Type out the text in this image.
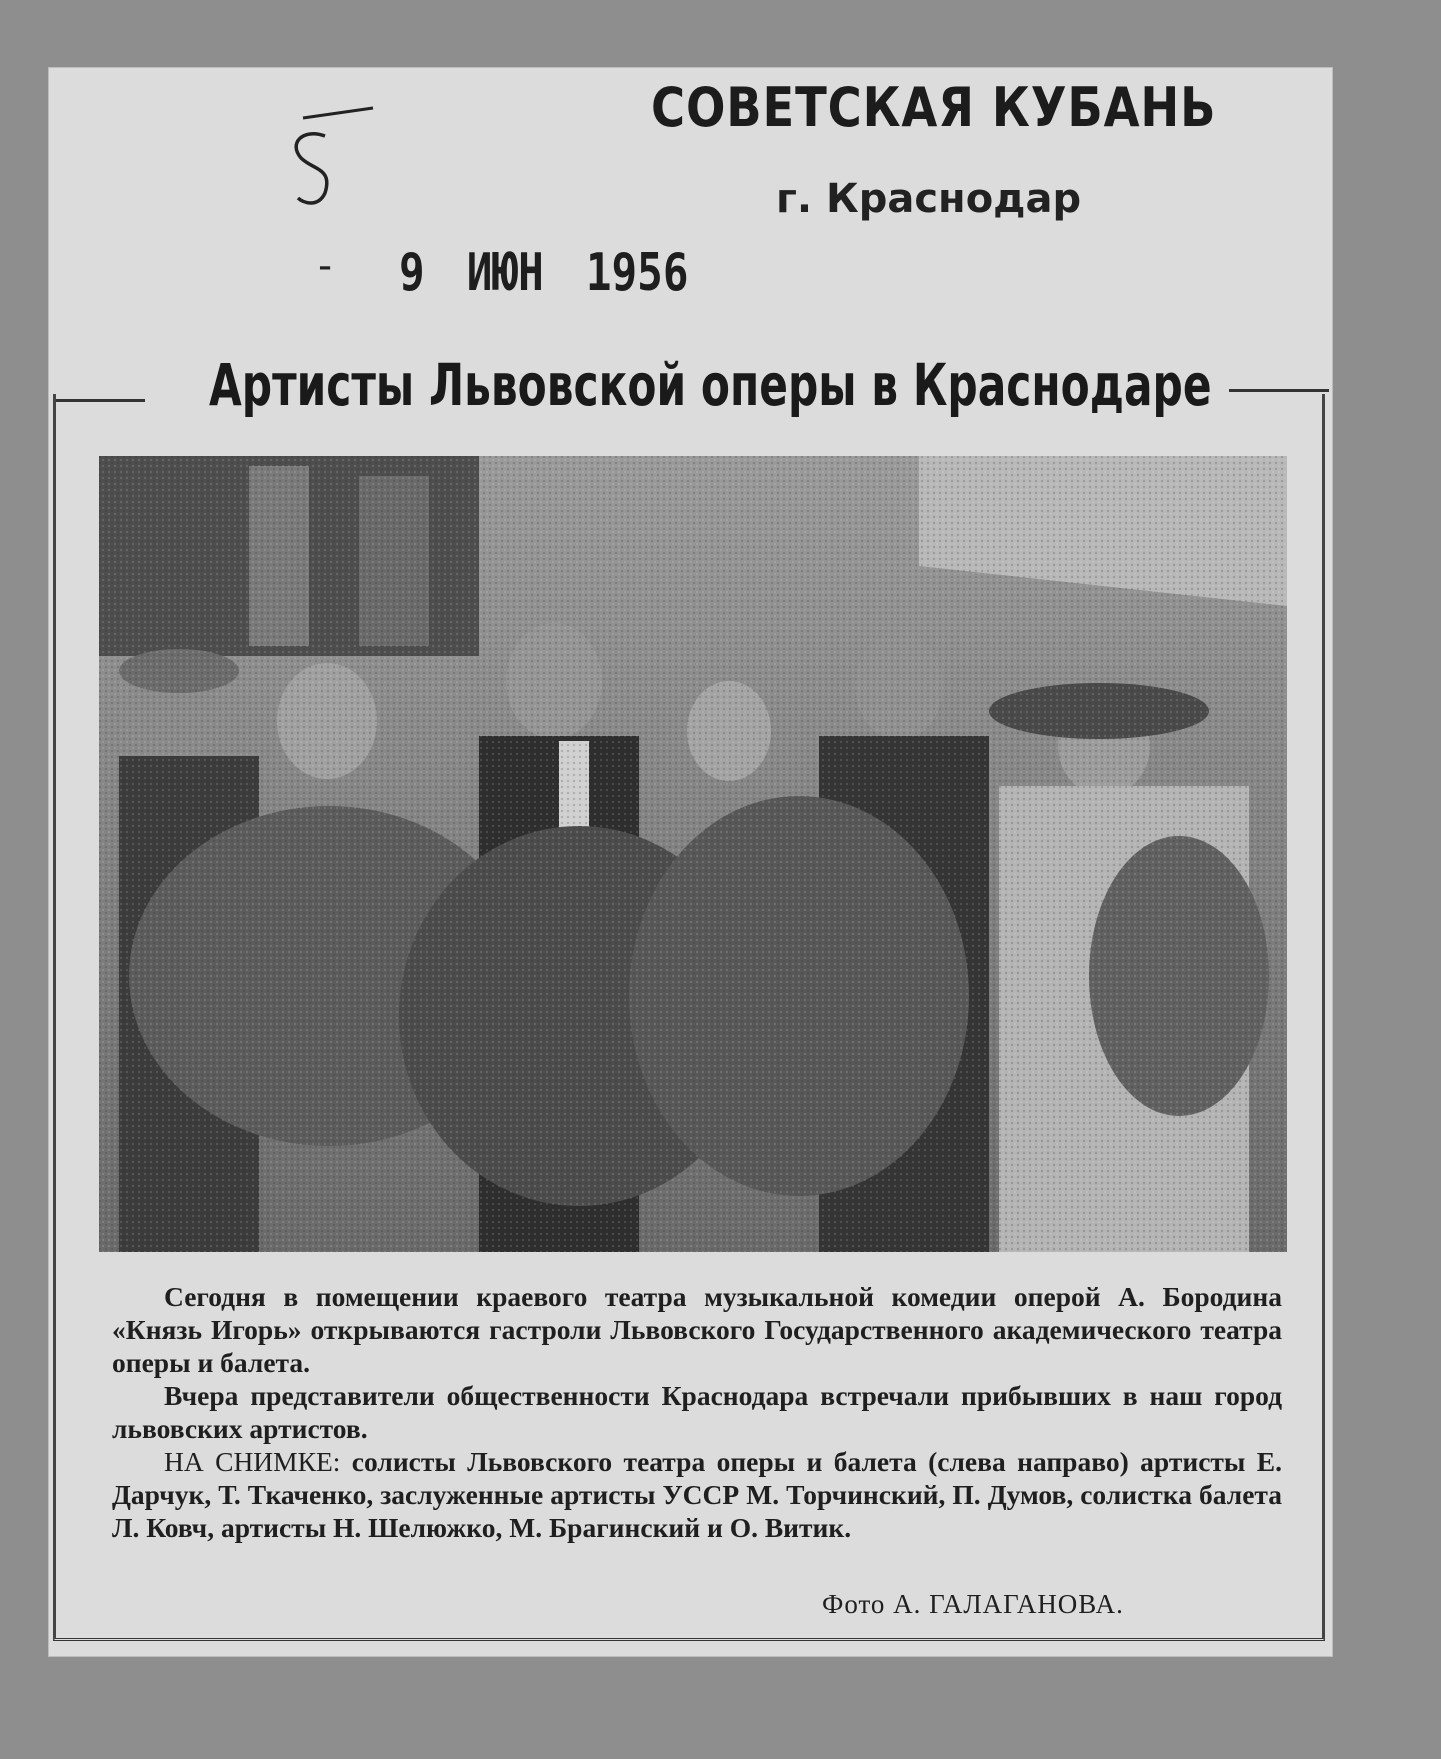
5	СОВЕТСКАЯ КУБАНЬ
г. Краснодар
- 9 ИЮН 1956
Артисты Львовской оперы в Краснодаре

Сегодня в помещении краевого театра музыкальной комедии оперой А. Бородина «Князь Игорь» открываются гастроли Львовского Государственного академического театра оперы и балета.

Вчера представители общественности Краснодара встречали прибывших в наш город львовских артистов.

НА СНИМКЕ: солисты Львовского театра оперы и балета (слева направо) артисты Е. Дарчук, Т. Ткаченко, заслуженные артисты УССР М. Торчинский, П. Думов, солистка балета Л. Ковч, артисты Н. Шелюжко, М. Брагинский и О. Витик.

Фото А. ГАЛАГАНОВА.
